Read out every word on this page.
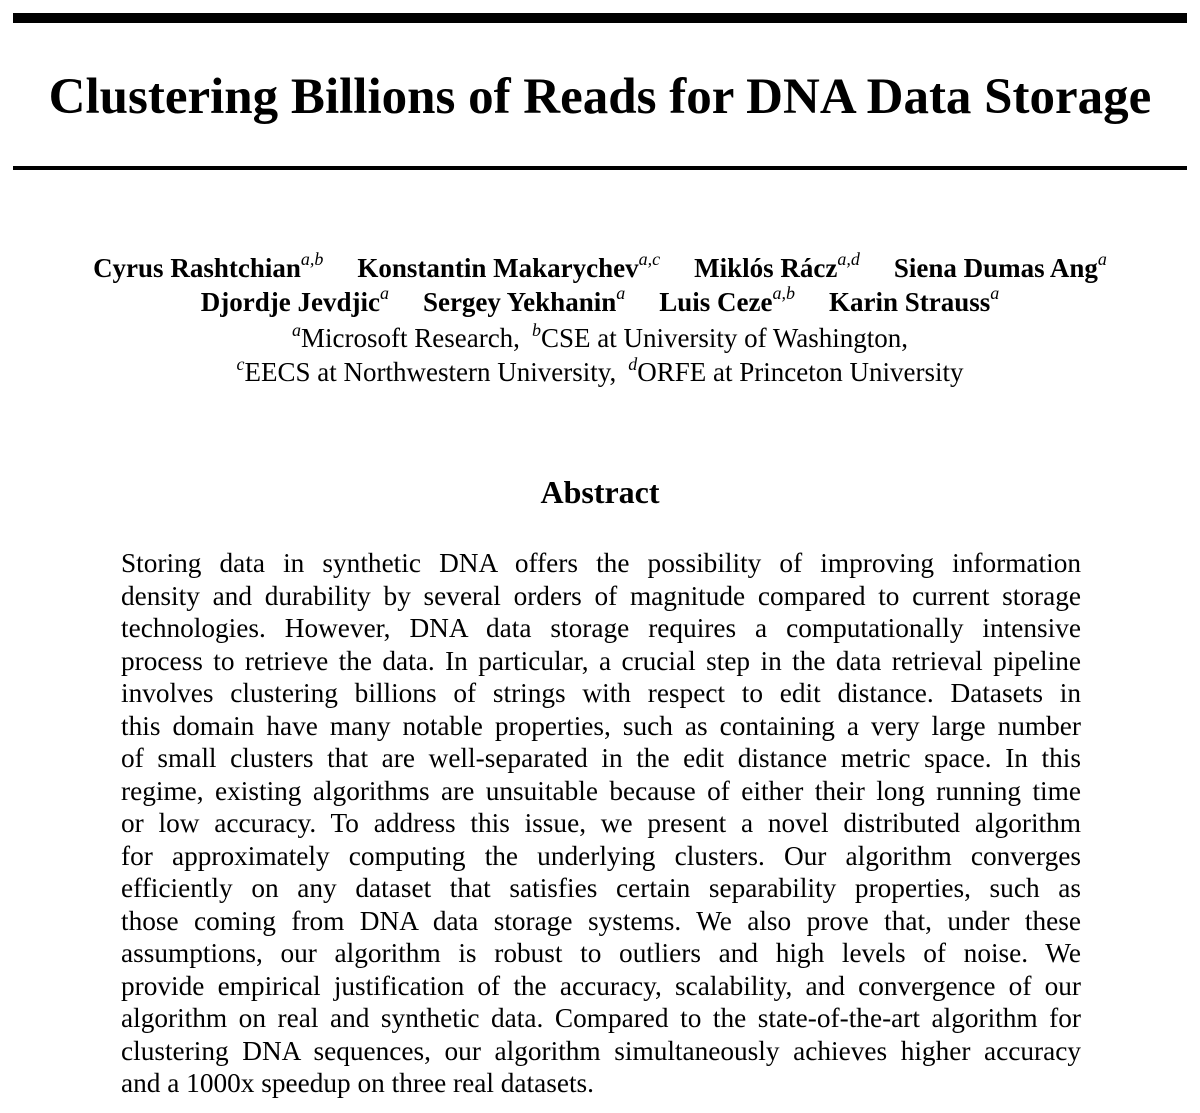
Clustering Billions of Reads for DNA Data Storage
Cyrus Rashtchian$^{a,b}$ Konstantin Makarychev$^{a,c}$ Miklós Rácz$^{a,d}$ Siena Dumas Ang$^a$
Djordje Jevdjic$^a$ Sergey Yekhanin$^a$ Luis Ceze$^{a,b}$ Karin Strauss$^a$
$^a$Microsoft Research, $^b$CSE at University of Washington,
$^c$EECS at Northwestern University, $^d$ORFE at Princeton University
Abstract
Storing data in synthetic DNA offers the possibility of improving information
density and durability by several orders of magnitude compared to current storage
technologies. However, DNA data storage requires a computationally intensive
process to retrieve the data. In particular, a crucial step in the data retrieval pipeline
involves clustering billions of strings with respect to edit distance. Datasets in
this domain have many notable properties, such as containing a very large number
of small clusters that are well-separated in the edit distance metric space. In this
regime, existing algorithms are unsuitable because of either their long running time
or low accuracy. To address this issue, we present a novel distributed algorithm
for approximately computing the underlying clusters. Our algorithm converges
efficiently on any dataset that satisfies certain separability properties, such as
those coming from DNA data storage systems. We also prove that, under these
assumptions, our algorithm is robust to outliers and high levels of noise. We
provide empirical justification of the accuracy, scalability, and convergence of our
algorithm on real and synthetic data. Compared to the state-of-the-art algorithm for
clustering DNA sequences, our algorithm simultaneously achieves higher accuracy
and a 1000x speedup on three real datasets.
